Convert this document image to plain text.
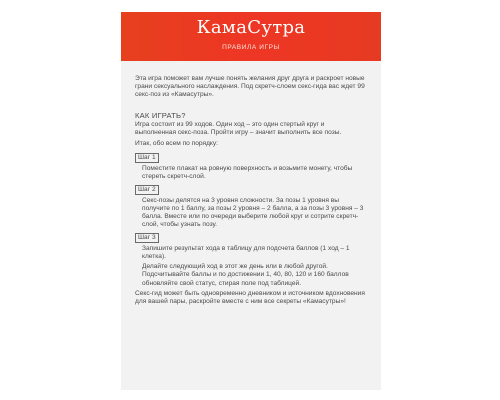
КамаСутра
ПРАВИЛА ИГРЫ
Эта игра поможет вам лучше понять желания друг друга и раскроет новые грани сексуального наслаждения. Под скретч-слоем секс-гида вас ждет 99 секс-поз из «Камасутры».
КАК ИГРАТЬ?
Игра состоит из 99 ходов. Один ход – это один стертый круг и выполненная секс-поза. Пройти игру – значит выполнить все позы.
Итак, обо всем по порядку:
Шаг 1
Поместите плакат на ровную поверхность и возьмите монету, чтобы стереть скретч-слой.
Шаг 2
Секс-позы делятся на 3 уровня сложности. За позы 1 уровня вы получите по 1 баллу, за позы 2 уровня – 2 балла, а за позы 3 уровня – 3 балла. Вместе или по очереди выберите любой круг и сотрите скретч-слой, чтобы узнать позу.
Шаг 3
Запишите результат хода в таблицу для подсчета баллов (1 ход – 1 клетка).
Делайте следующий ход в этот же день или в любой другой. Подсчитывайте баллы и по достижении 1, 40, 80, 120 и 160 баллов обновляйте свой статус, стирая поле под таблицей.
Секс-гид может быть одновременно дневником и источником вдохновения для вашей пары, раскройте вместе с ним все секреты «Камасутры»!
